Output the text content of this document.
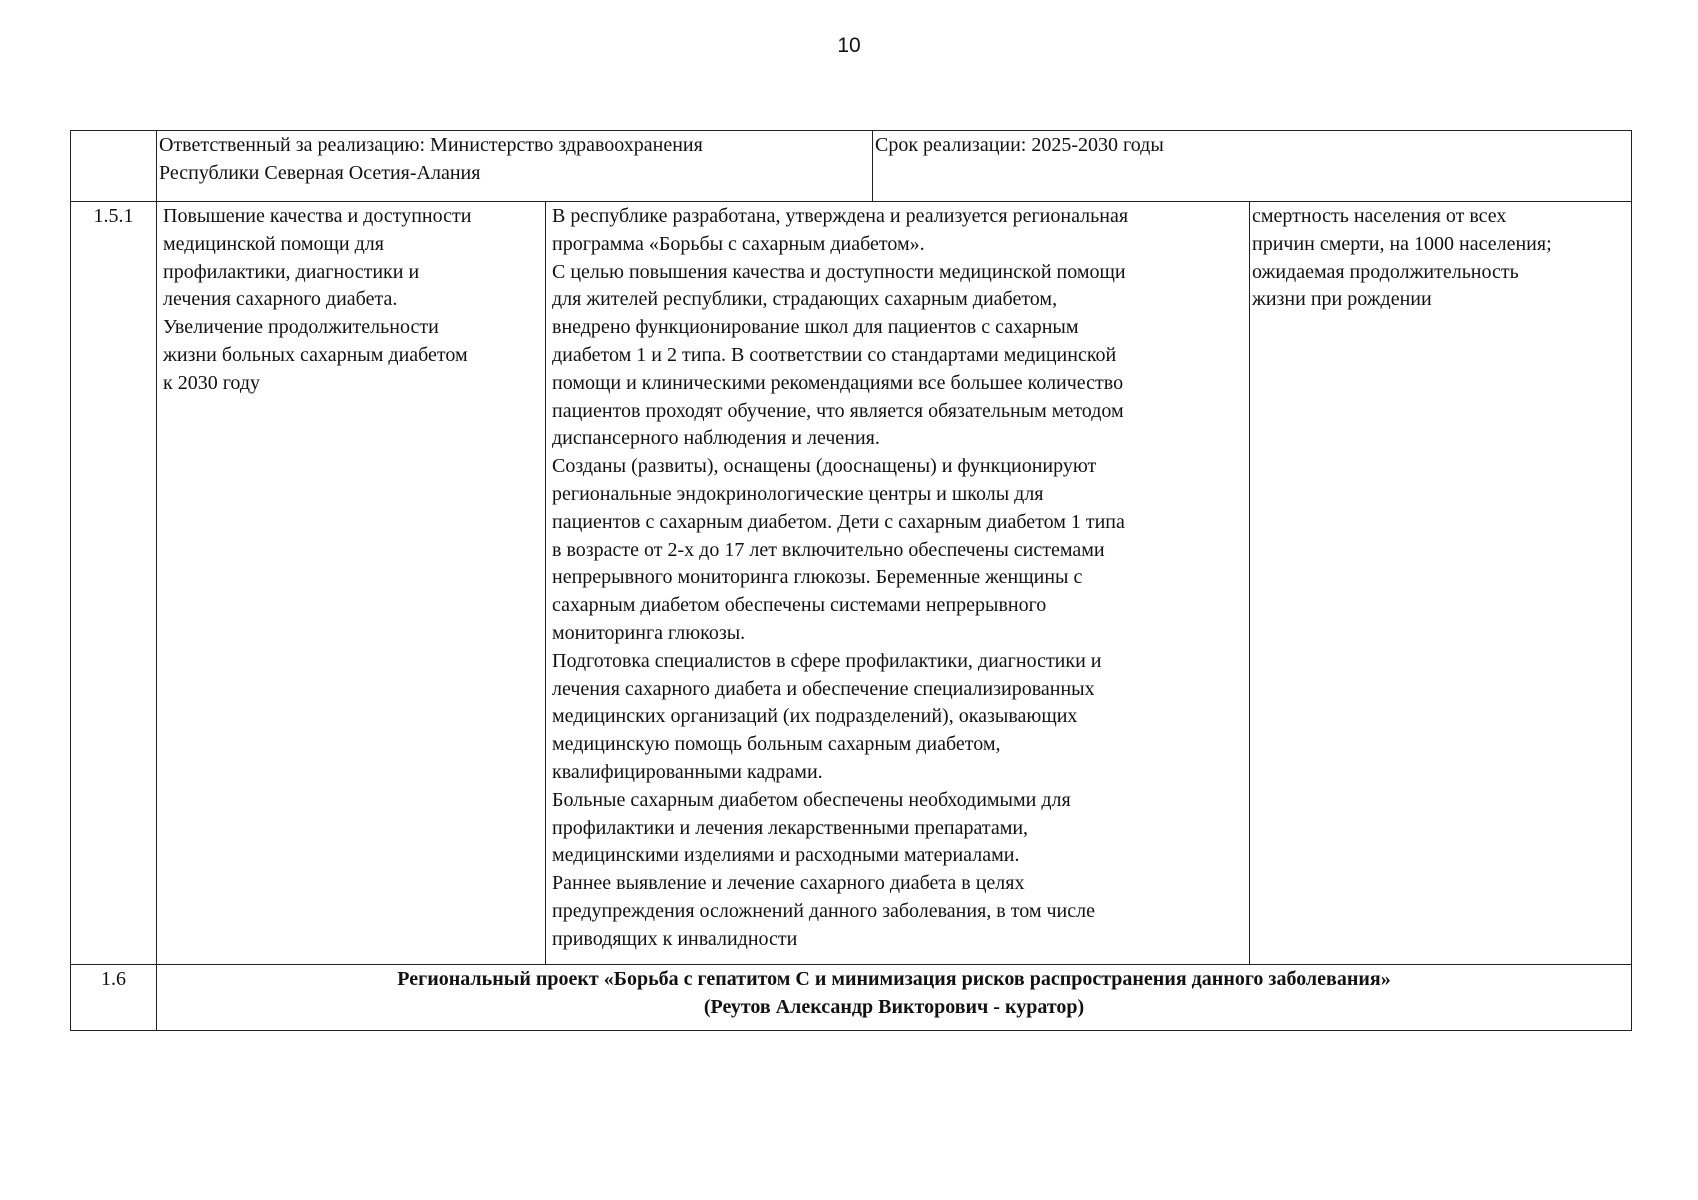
10
Ответственный за реализацию: Министерство здравоохранения
Республики Северная Осетия-Алания
Срок реализации: 2025-2030 годы
1.5.1	Повышение качества и доступности
медицинской помощи для
профилактики, диагностики и
лечения сахарного диабета.
Увеличение продолжительности
жизни больных сахарным диабетом
к 2030 году
В республике разработана, утверждена и реализуется региональная
программа «Борьбы с сахарным диабетом».
С целью повышения качества и доступности медицинской помощи
для жителей республики, страдающих сахарным диабетом,
внедрено функционирование школ для пациентов с сахарным
диабетом 1 и 2 типа. В соответствии со стандартами медицинской
помощи и клиническими рекомендациями все большее количество
пациентов проходят обучение, что является обязательным методом
диспансерного наблюдения и лечения.
Созданы (развиты), оснащены (дооснащены) и функционируют
региональные эндокринологические центры и школы для
пациентов с сахарным диабетом. Дети с сахарным диабетом 1 типа
в возрасте от 2-х до 17 лет включительно обеспечены системами
непрерывного мониторинга глюкозы. Беременные женщины с
сахарным диабетом обеспечены системами непрерывного
мониторинга глюкозы.
Подготовка специалистов в сфере профилактики, диагностики и
лечения сахарного диабета и обеспечение специализированных
медицинских организаций (их подразделений), оказывающих
медицинскую помощь больным сахарным диабетом,
квалифицированными кадрами.
Больные сахарным диабетом обеспечены необходимыми для
профилактики и лечения лекарственными препаратами,
медицинскими изделиями и расходными материалами.
Раннее выявление и лечение сахарного диабета в целях
предупреждения осложнений данного заболевания, в том числе
приводящих к инвалидности
смертность населения от всех
причин смерти, на 1000 населения;
ожидаемая продолжительность
жизни при рождении
1.6	Региональный проект «Борьба с гепатитом С и минимизация рисков распространения данного заболевания»
(Реутов Александр Викторович - куратор)
